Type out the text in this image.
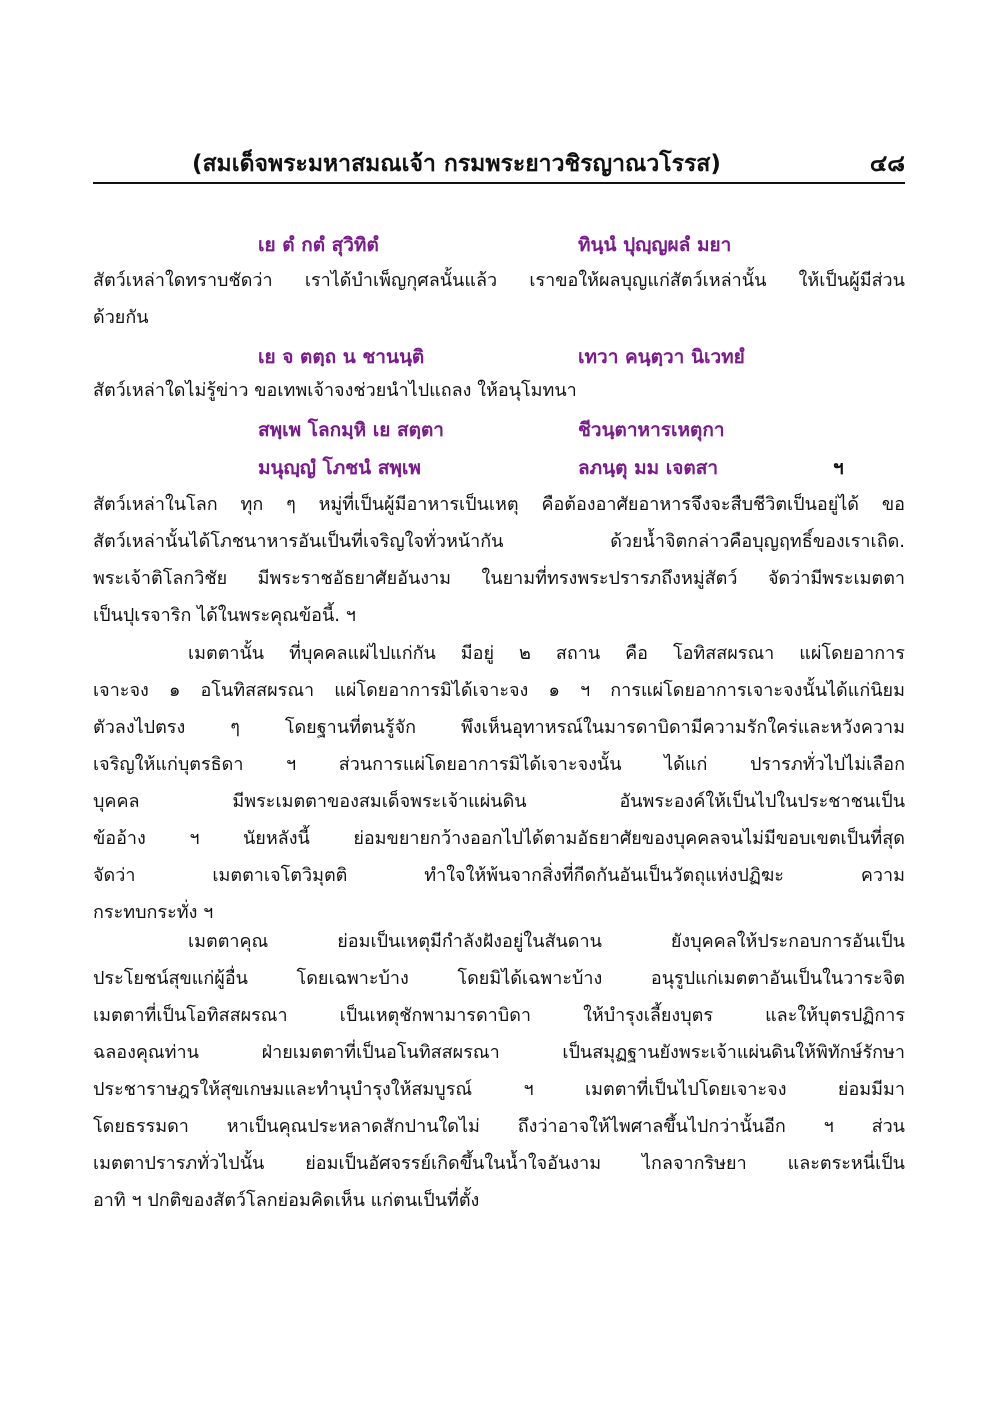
(สมเด็จพระมหาสมณเจ้า กรมพระยาวชิรญาณวโรรส)	๔๘
เย ตํ กตํ สุวิทิตํ	ทินฺนํ ปุญฺญผลํ มยา
สัตว์เหล่าใดทราบชัดว่า เราได้บำเพ็ญกุศลนั้นแล้ว เราขอให้ผลบุญแก่สัตว์เหล่านั้น ให้เป็นผู้มีส่วน
ด้วยกัน
เย จ ตตฺถ น ชานนฺติ	เทวา คนฺตฺวา นิเวทยํ
สัตว์เหล่าใดไม่รู้ข่าว ขอเทพเจ้าจงช่วยนำไปแถลง ให้อนุโมทนา
สพฺเพ โลกมฺหิ เย สตฺตา	ชีวนฺตาหารเหตุกา
มนุญฺญํ โภชนํ สพฺเพ	ลภนฺตุ มม เจตสา	ฯ
สัตว์เหล่าในโลก ทุก ๆ หมู่ที่เป็นผู้มีอาหารเป็นเหตุ คือต้องอาศัยอาหารจึงจะสืบชีวิตเป็นอยู่ได้ ขอ
สัตว์เหล่านั้นได้โภชนาหารอันเป็นที่เจริญใจทั่วหน้ากัน	ด้วยน้ำจิตกล่าวคือบุญฤทธิ์ของเราเถิด.
พระเจ้าติโลกวิชัย มีพระราชอัธยาศัยอันงาม ในยามที่ทรงพระปรารภถึงหมู่สัตว์ จัดว่ามีพระเมตตา
เป็นปุเรจาริก ได้ในพระคุณข้อนี้. ฯ
เมตตานั้น ที่บุคคลแผ่ไปแก่กัน มีอยู่ ๒ สถาน คือ โอทิสสผรณา แผ่โดยอาการ
เจาะจง ๑ อโนทิสสผรณา แผ่โดยอาการมิได้เจาะจง ๑ ฯ การแผ่โดยอาการเจาะจงนั้นได้แก่นิยม
ตัวลงไปตรง ๆ โดยฐานที่ตนรู้จัก พึงเห็นอุทาหรณ์ในมารดาบิดามีความรักใคร่และหวังความ
เจริญให้แก่บุตรธิดา ฯ ส่วนการแผ่โดยอาการมิได้เจาะจงนั้น ได้แก่ ปรารภทั่วไปไม่เลือก
บุคคล	มีพระเมตตาของสมเด็จพระเจ้าแผ่นดิน	อันพระองค์ให้เป็นไปในประชาชนเป็น
ข้ออ้าง ฯ นัยหลังนี้ ย่อมขยายกว้างออกไปได้ตามอัธยาศัยของบุคคลจนไม่มีขอบเขตเป็นที่สุด
จัดว่า	เมตตาเจโตวิมุตติ	ทำใจให้พ้นจากสิ่งที่กีดกันอันเป็นวัตถุแห่งปฏิฆะ	ความ
กระทบกระทั่ง ฯ
เมตตาคุณ	ย่อมเป็นเหตุมีกำลังฝังอยู่ในสันดาน	ยังบุคคลให้ประกอบการอันเป็น
ประโยชน์สุขแก่ผู้อื่น	โดยเฉพาะบ้าง	โดยมิได้เฉพาะบ้าง	อนุรูปแก่เมตตาอันเป็นในวาระจิต
เมตตาที่เป็นโอทิสสผรณา	เป็นเหตุชักพามารดาบิดา	ให้บำรุงเลี้ยงบุตร	และให้บุตรปฏิการ
ฉลองคุณท่าน	ฝ่ายเมตตาที่เป็นอโนทิสสผรณา	เป็นสมุฏฐานยังพระเจ้าแผ่นดินให้พิทักษ์รักษา
ประชาราษฎรให้สุขเกษมและทำนุบำรุงให้สมบูรณ์	ฯ	เมตตาที่เป็นไปโดยเจาะจง	ย่อมมีมา
โดยธรรมดา หาเป็นคุณประหลาดสักปานใดไม่ ถึงว่าอาจให้ไพศาลขึ้นไปกว่านั้นอีก ฯ ส่วน
เมตตาปรารภทั่วไปนั้น ย่อมเป็นอัศจรรย์เกิดขึ้นในน้ำใจอันงาม ไกลจากริษยา และตระหนี่เป็น
อาทิ ฯ ปกติของสัตว์โลกย่อมคิดเห็น แก่ตนเป็นที่ตั้ง
